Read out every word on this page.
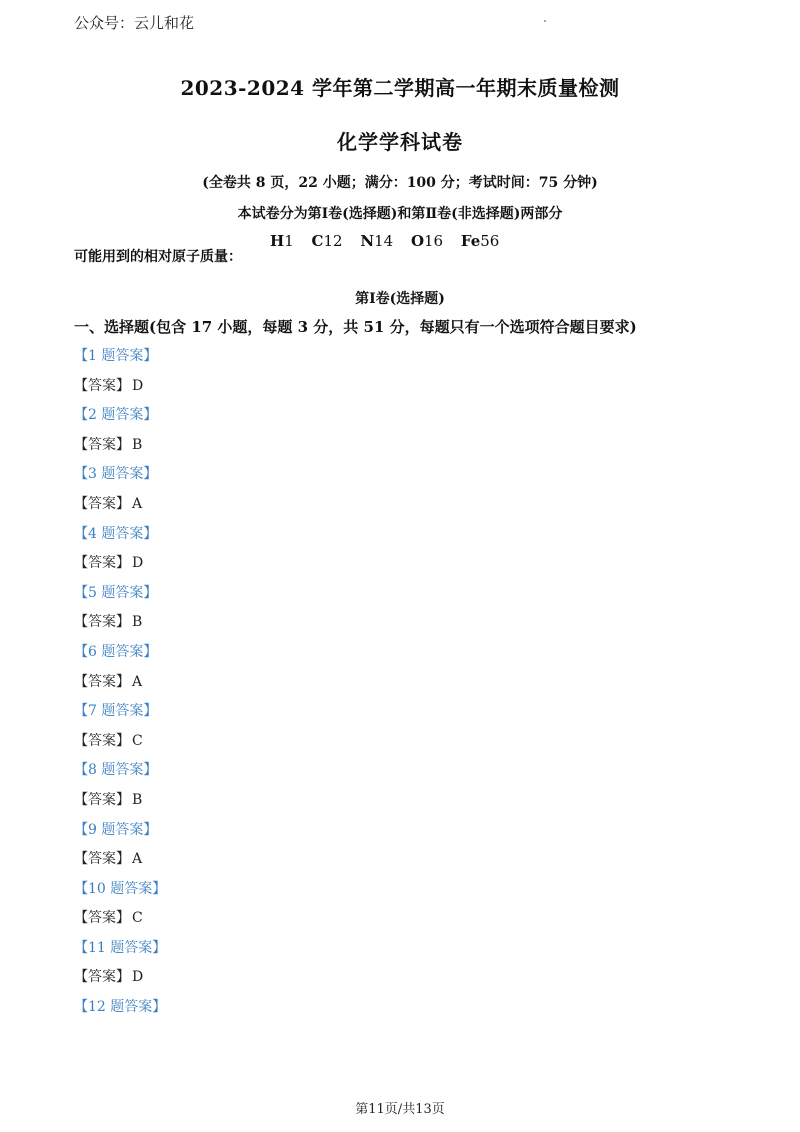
公众号：云儿和花
2023-2024 学年第二学期高一年期末质量检测
化学学科试卷
(全卷共 8 页，22 小题；满分：100 分；考试时间：75 分钟)
本试卷分为第Ⅰ卷(选择题)和第Ⅱ卷(非选择题)两部分
可能用到的相对原子质量：
H1 C12 N14 O16 Fe56
第Ⅰ卷(选择题)
一、选择题(包含 17 小题，每题 3 分，共 51 分，每题只有一个选项符合题目要求)
【1 题答案】
【答案】 D
【2 题答案】
【答案】 B
【3 题答案】
【答案】 A
【4 题答案】
【答案】 D
【5 题答案】
【答案】 B
【6 题答案】
【答案】 A
【7 题答案】
【答案】 C
【8 题答案】
【答案】 B
【9 题答案】
【答案】 A
【10 题答案】
【答案】 C
【11 题答案】
【答案】 D
【12 题答案】
第11页/共13页
